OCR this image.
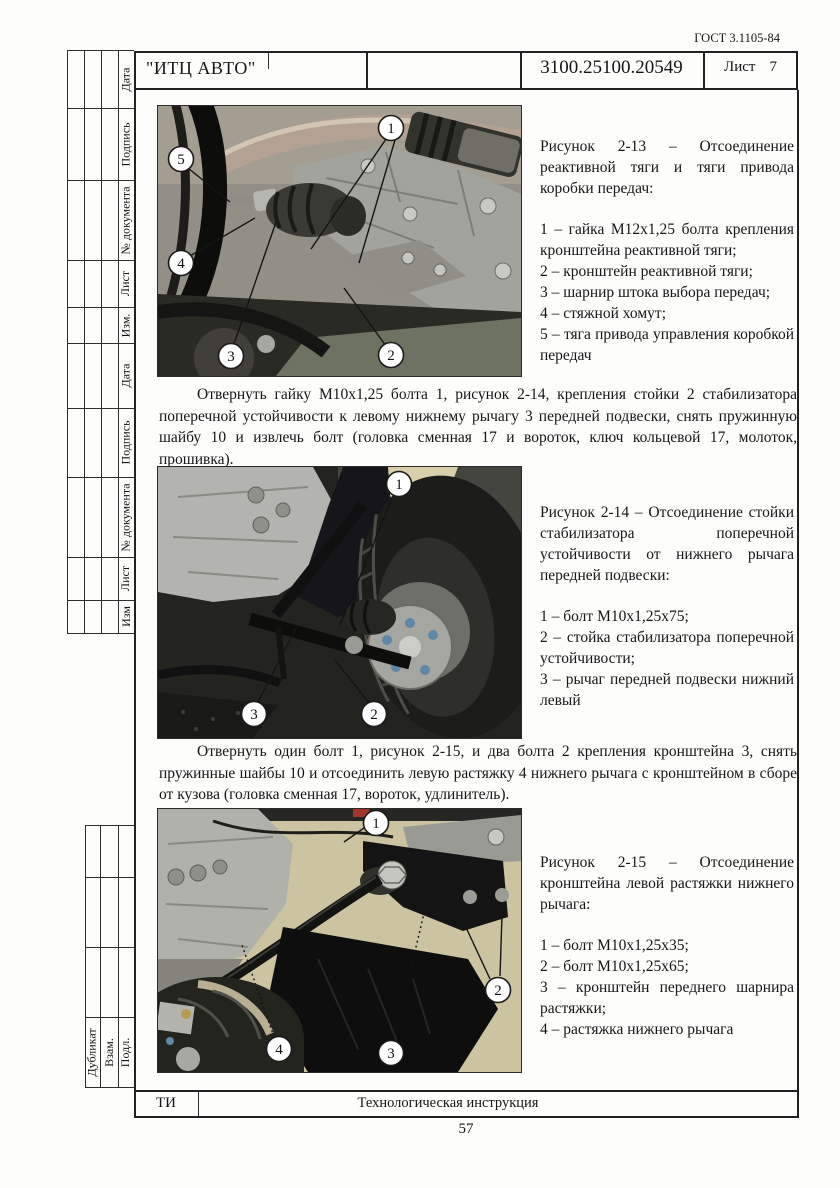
ГОСТ 3.1105-84
"ИТЦ АВТО"	3100.25100.20549	Лист 7
Дата
Подпись
№ документа
Лист
Изм.
Дата
Подпись
№ документа
Лист
Изм
Дубликат Взам. Подл.
1
5
4
3	2
Рисунок 2-13 – Отсоединение реактивной тяги и тяги привода коробки передач:
1 – гайка М12х1,25 болта крепления кронштейна реактивной тяги;
2 – кронштейн реактивной тяги;
3 – шарнир штока выбора передач;
4 – стяжной хомут;
5 – тяга привода управления коробкой передач
Отвернуть гайку М10х1,25 болта 1, рисунок 2-14, крепления стойки 2 стабилизатора поперечной устойчивости к левому нижнему рычагу 3 передней подвески, снять пружинную шайбу 10 и извлечь болт (головка сменная 17 и вороток, ключ кольцевой 17, молоток, прошивка).
1
3	2
Рисунок 2-14 – Отсоединение стойки стабилизатора поперечной устойчивости от нижнего рычага передней подвески:
1 – болт М10х1,25х75;
2 – стойка стабилизатора поперечной устойчивости;
3 – рычаг передней подвески нижний левый
Отвернуть один болт 1, рисунок 2-15, и два болта 2 крепления кронштейна 3, снять пружинные шайбы 10 и отсоединить левую растяжку 4 нижнего рычага с кронштейном в сборе от кузова (головка сменная 17, вороток, удлинитель).
1
2
3
4
Рисунок 2-15 – Отсоединение кронштейна левой растяжки нижнего рычага:
1 – болт М10х1,25х35;
2 – болт М10х1,25х65;
3 – кронштейн переднего шарнира растяжки;
4 – растяжка нижнего рычага
ТИ	Технологическая инструкция
57
